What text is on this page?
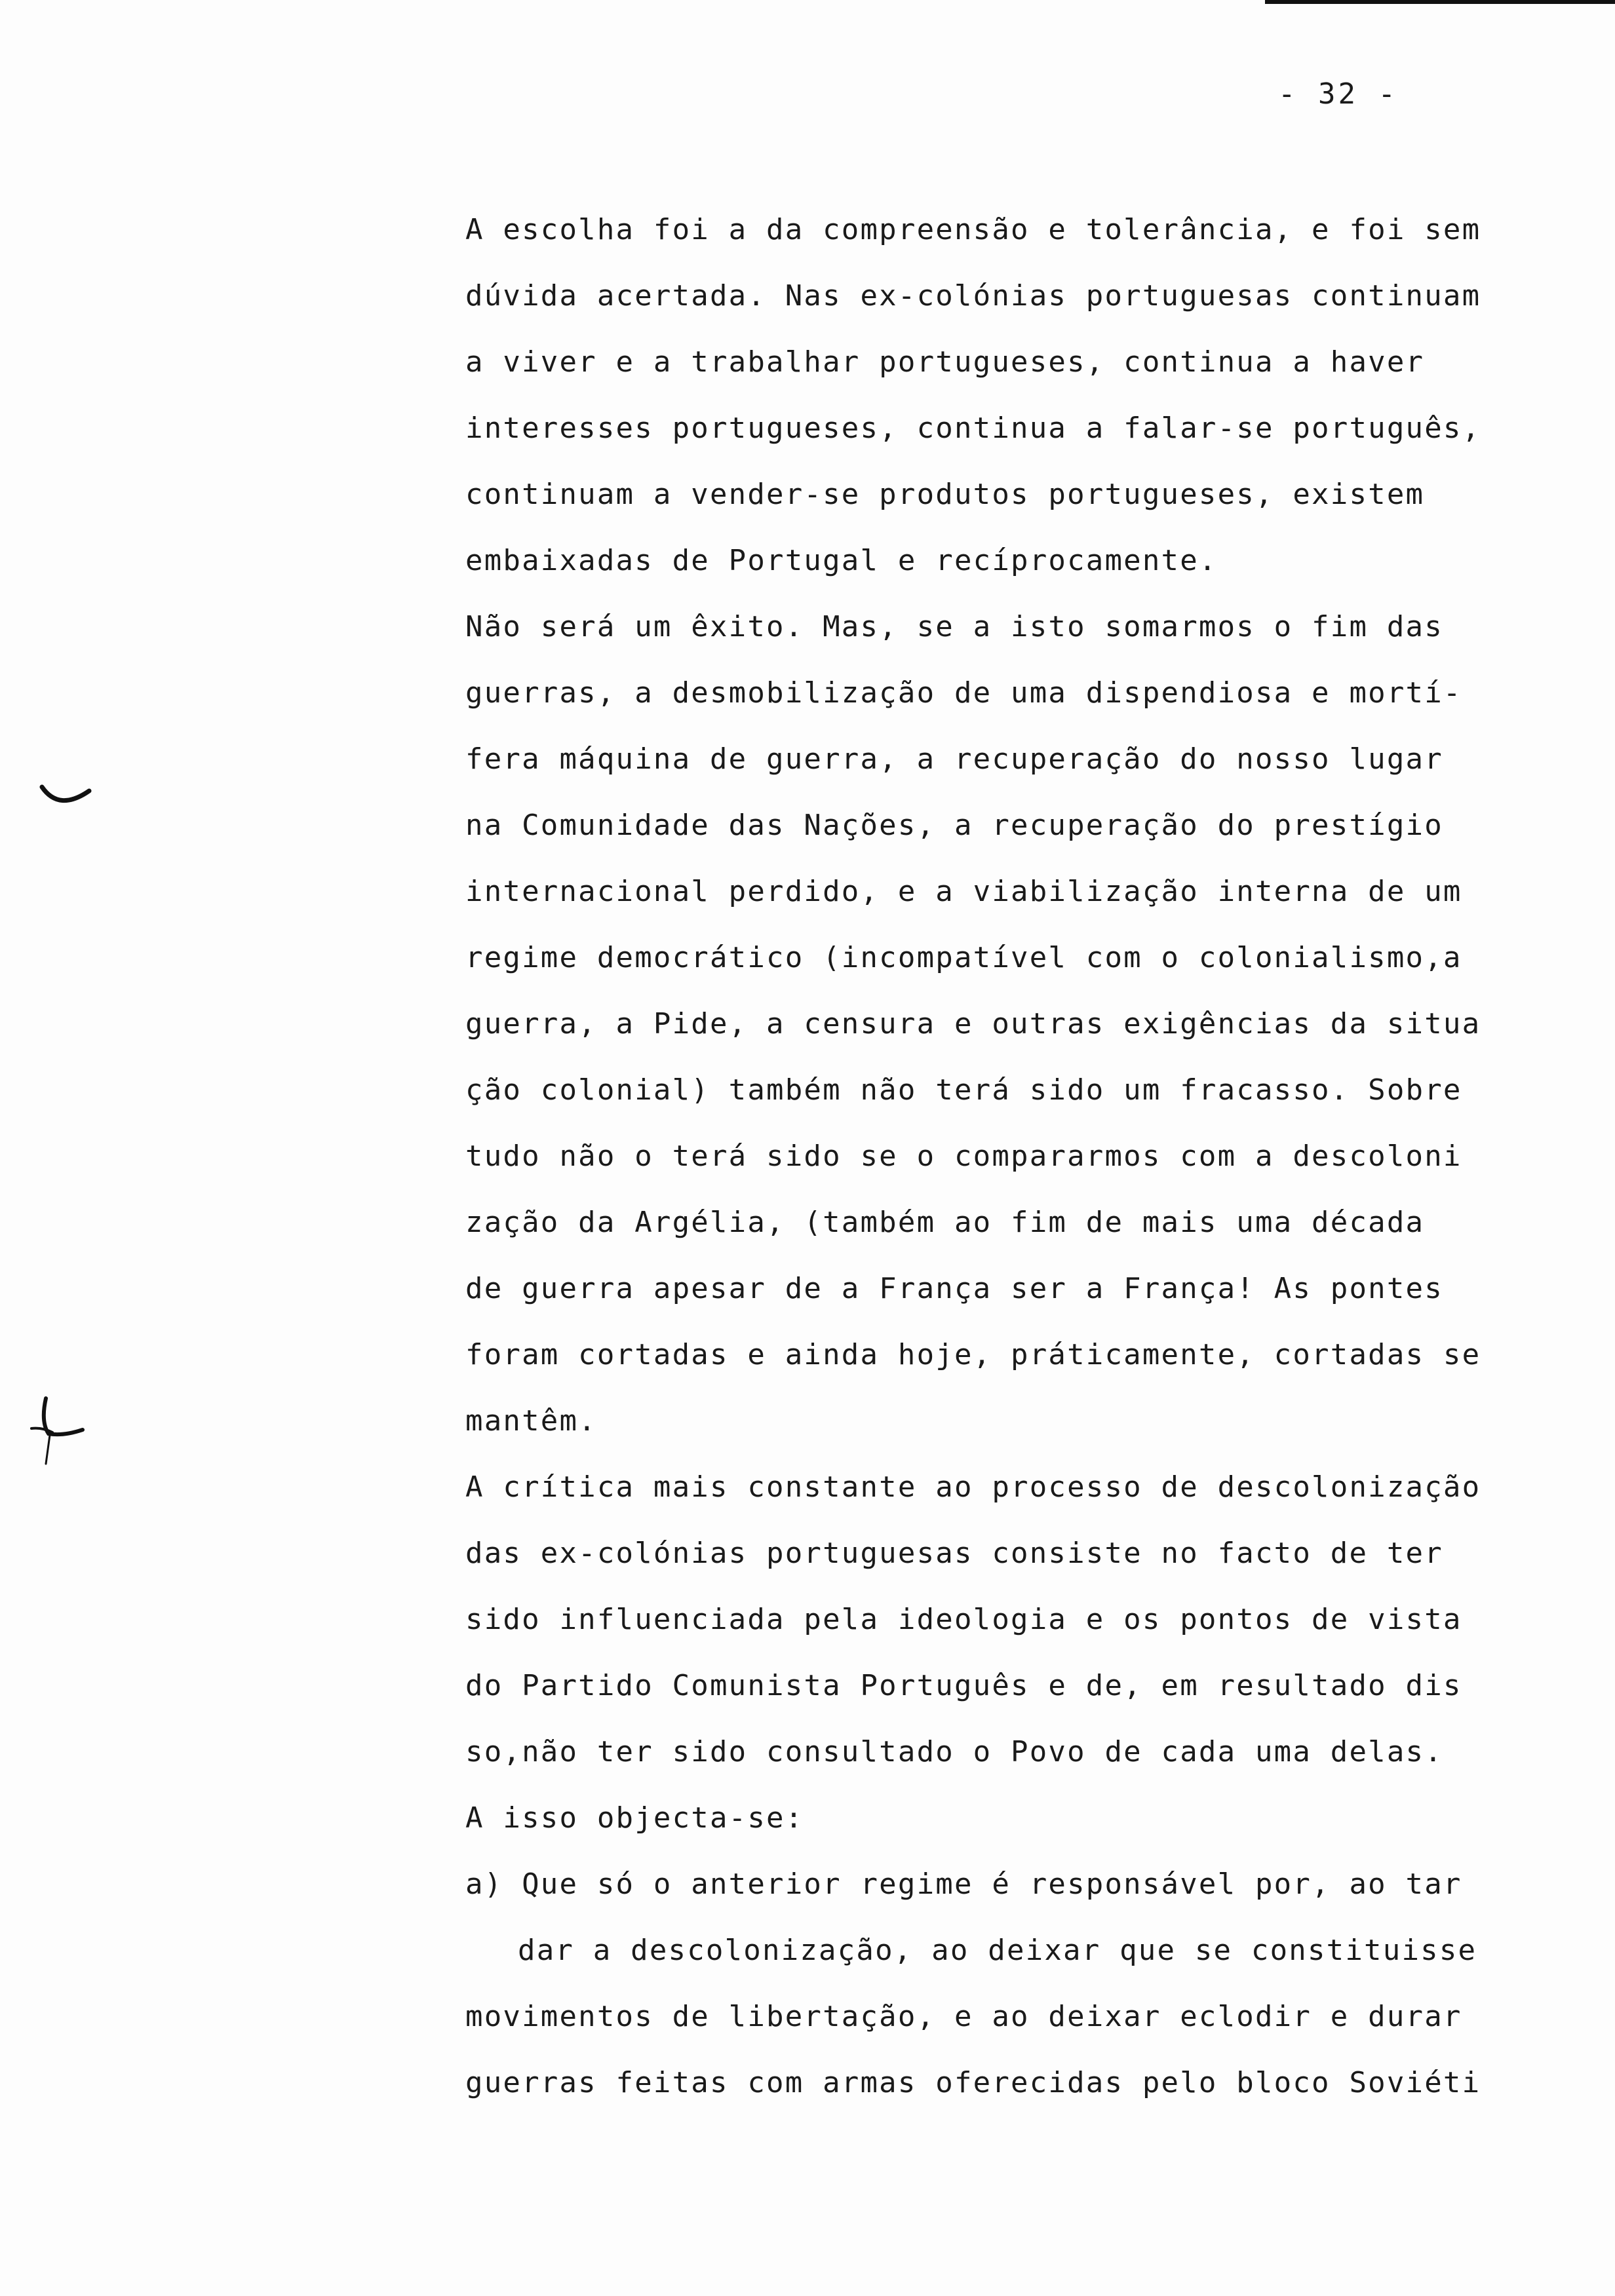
- 32 -
A escolha foi a da compreensão e tolerância, e foi sem
dúvida acertada. Nas ex-colónias portuguesas continuam
a viver e a trabalhar portugueses, continua a haver
interesses portugueses, continua a falar-se português,
continuam a vender-se produtos portugueses, existem
embaixadas de Portugal e recíprocamente.
Não será um êxito. Mas, se a isto somarmos o fim das
guerras, a desmobilização de uma dispendiosa e mortí-
fera máquina de guerra, a recuperação do nosso lugar
na Comunidade das Nações, a recuperação do prestígio
internacional perdido, e a viabilização interna de um
regime democrático (incompatível com o colonialismo,a
guerra, a Pide, a censura e outras exigências da situa
ção colonial) também não terá sido um fracasso. Sobre
tudo não o terá sido se o compararmos com a descoloni
zação da Argélia, (também ao fim de mais uma década
de guerra apesar de a França ser a França! As pontes
foram cortadas e ainda hoje, práticamente, cortadas se
mantêm.
A crítica mais constante ao processo de descolonização
das ex-colónias portuguesas consiste no facto de ter
sido influenciada pela ideologia e os pontos de vista
do Partido Comunista Português e de, em resultado dis
so,não ter sido consultado o Povo de cada uma delas.
A isso objecta-se:
a) Que só o anterior regime é responsável por, ao tar
dar a descolonização, ao deixar que se constituisse
movimentos de libertação, e ao deixar eclodir e durar
guerras feitas com armas oferecidas pelo bloco Soviéti
